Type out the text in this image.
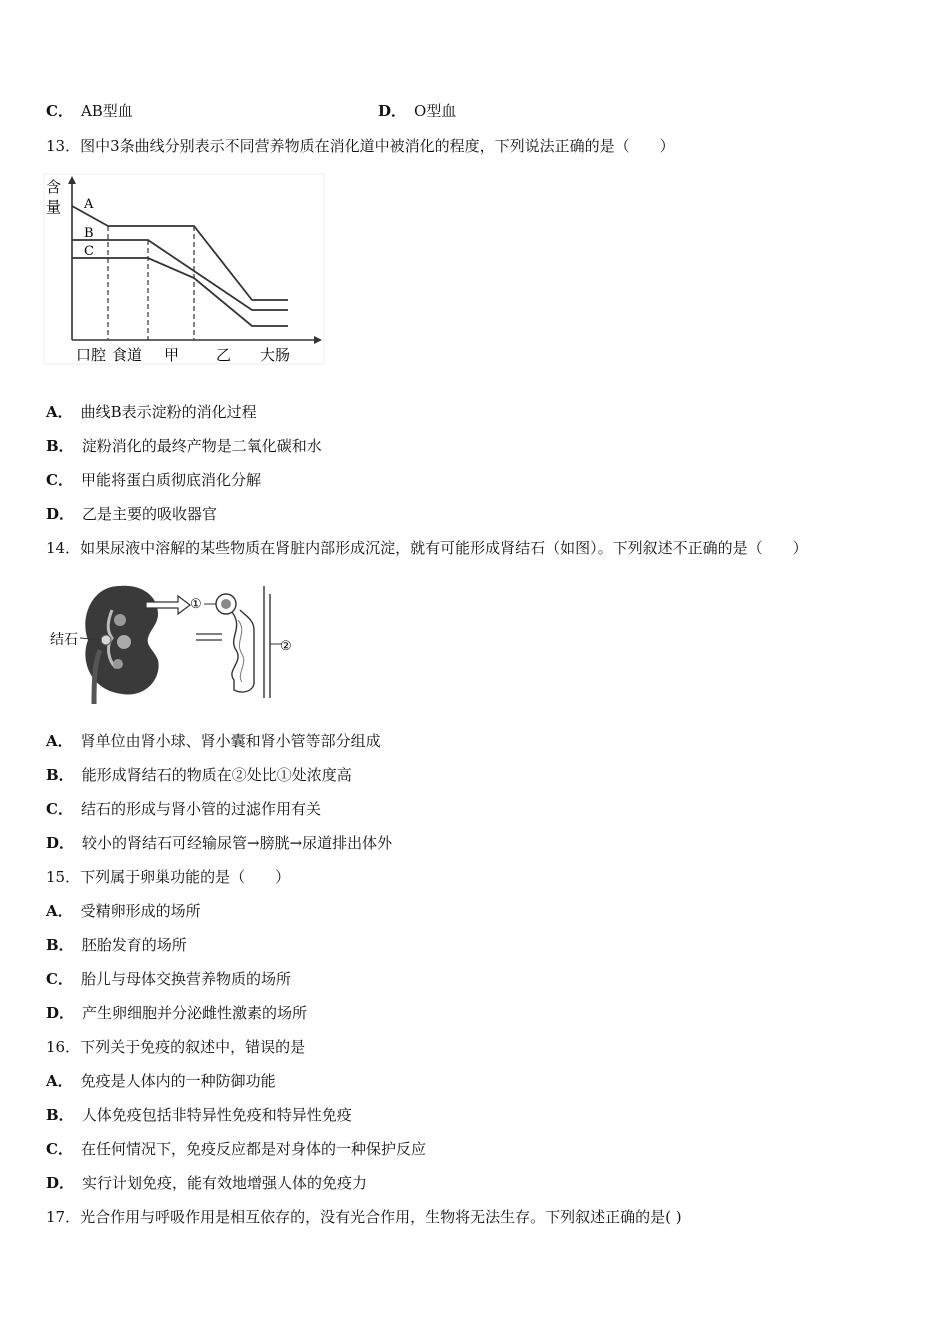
C． AB型血	D． O型血
13．图中3条曲线分别表示不同营养物质在消化道中被消化的程度，下列说法正确的是（　　）
含
量 A
B
C
口腔 食道 甲 乙 大肠
A． 曲线B表示淀粉的消化过程
B． 淀粉消化的最终产物是二氧化碳和水
C． 甲能将蛋白质彻底消化分解
D． 乙是主要的吸收器官
14．如果尿液中溶解的某些物质在肾脏内部形成沉淀，就有可能形成肾结石（如图）。下列叙述不正确的是（　　）
结石
①
②
A． 肾单位由肾小球、肾小囊和肾小管等部分组成
B． 能形成肾结石的物质在②处比①处浓度高
C． 结石的形成与肾小管的过滤作用有关
D． 较小的肾结石可经输尿管→膀胱→尿道排出体外
15．下列属于卵巢功能的是（　　）
A． 受精卵形成的场所
B． 胚胎发育的场所
C． 胎儿与母体交换营养物质的场所
D． 产生卵细胞并分泌雌性激素的场所
16．下列关于免疫的叙述中，错误的是
A． 免疫是人体内的一种防御功能
B． 人体免疫包括非特异性免疫和特异性免疫
C． 在任何情况下，免疫反应都是对身体的一种保护反应
D． 实行计划免疫，能有效地增强人体的免疫力
17．光合作用与呼吸作用是相互依存的，没有光合作用，生物将无法生存。下列叙述正确的是( )
